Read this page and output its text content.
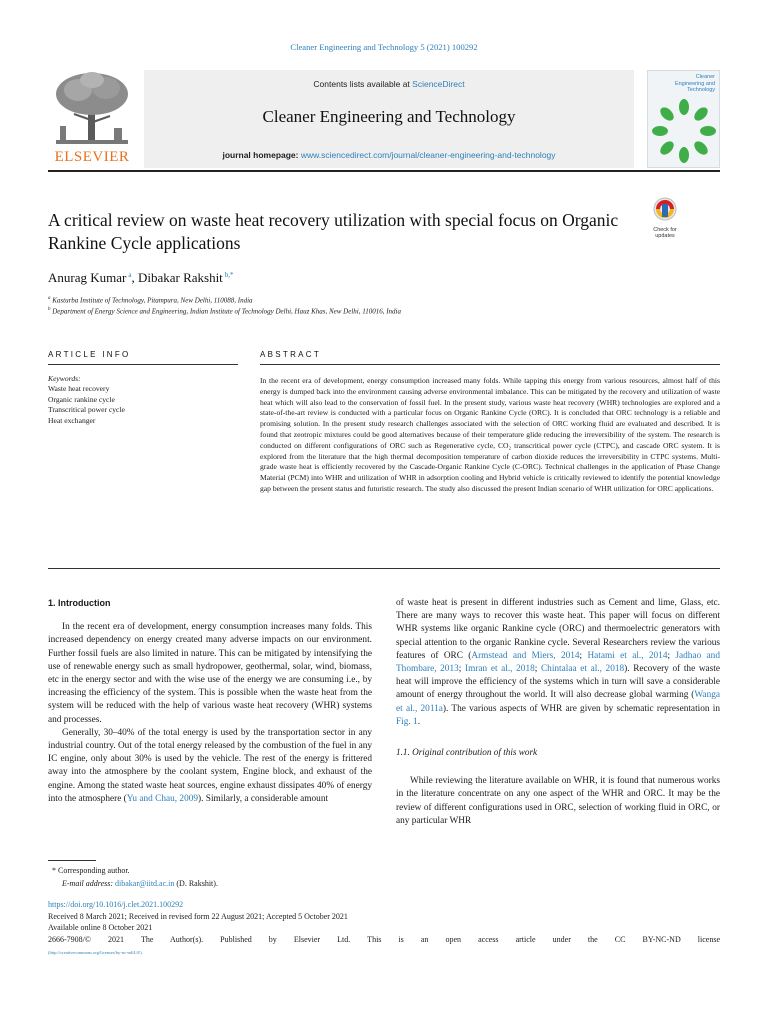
Cleaner Engineering and Technology 5 (2021) 100292
ELSEVIER
Contents lists available at ScienceDirect
Cleaner Engineering and Technology
journal homepage: www.sciencedirect.com/journal/cleaner-engineering-and-technology
Cleaner Engineering and Technology
A critical review on waste heat recovery utilization with special focus on Organic Rankine Cycle applications
Check for updates
Anurag Kumar $^a$, Dibakar Rakshit $^{b,*}$
$^a$ Kasturba Institute of Technology, Pitampura, New Delhi, 110088, India
$^b$ Department of Energy Science and Engineering, Indian Institute of Technology Delhi, Hauz Khas, New Delhi, 110016, India
ARTICLE INFO	ABSTRACT
Keywords:
Waste heat recovery
Organic rankine cycle
Transcritical power cycle
Heat exchanger
In the recent era of development, energy consumption increased many folds. While tapping this energy from various resources, almost half of this energy is dumped back into the environment causing adverse environmental imbalance. This can be mitigated by the recovery and utilization of waste heat which will also lead to the conservation of fossil fuel. In the present study, various waste heat recovery (WHR) technologies are explored and a state-of-the-art review is conducted with a particular focus on Organic Rankine Cycle (ORC). It is concluded that ORC technology is a reliable and promising solution. In the present study research challenges associated with the selection of ORC working fluid are evaluated and described. It is found that zeotropic mixtures could be good alternatives because of their temperature glide reducing the irreversibility of the system. The research is conducted on different configurations of ORC such as Regenerative cycle, CO₂ transcritical power cycle (CTPC), and cascade ORC system. It is explored from the literature that the high thermal decomposition temperature of carbon dioxide reduces the irreversibility in CTPC systems. Multi-grade waste heat is efficiently recovered by the Cascade-Organic Rankine Cycle (C-ORC). Technical challenges in the application of Phase Change Material (PCM) into WHR and utilization of WHR in adsorption cooling and Hybrid vehicle is critically reviewed to identify the potential knowledge gap between the present status and futuristic research. The study also discussed the present Indian scenario of WHR utilization for ORC applications.
1. Introduction

In the recent era of development, energy consumption increases many folds. This increased dependency on energy created many adverse impacts on our environment. Further fossil fuels are also limited in nature. This can be mitigated by intensifying the use of renewable energy such as small hydropower, geothermal, solar, wind, biomass, etc in the energy sector and with the wise use of the energy we are consuming i.e., by increasing the efficiency of the system. This is possible when the waste heat from the system will be reduced with the help of various waste heat recovery (WHR) systems and processes.

Generally, 30–40% of the total energy is used by the transportation sector in any industrial country. Out of the total energy released by the combustion of the fuel in any IC engine, only about 30% is used by the vehicle. The rest of the energy is frittered away into the atmosphere by the coolant system, Engine block, and exhaust of the engine. Among the stated waste heat sources, engine exhaust dissipates 40% of energy into the atmosphere (Yu and Chau, 2009). Similarly, a considerable amount

of waste heat is present in different industries such as Cement and lime, Glass, etc. There are many ways to recover this waste heat. This paper will focus on different WHR systems like organic Rankine cycle (ORC) and thermoelectric generators with special attention to the organic Rankine cycle. Several Researchers review the various features of ORC (Armstead and Miers, 2014; Hatami et al., 2014; Jadhao and Thombare, 2013; Imran et al., 2018; Chintalaa et al., 2018). Recovery of the waste heat will improve the efficiency of the systems which in turn will save a considerable amount of energy throughout the world. It will also decrease global warming (Wanga et al., 2011a). The various aspects of WHR are given by schematic representation in Fig. 1.

1.1. Original contribution of this work

While reviewing the literature available on WHR, it is found that numerous works in the literature concentrate on any one aspect of the WHR and ORC. It may be the review of different configurations used in ORC, selection of working fluid in ORC, or any particular WHR

* Corresponding author.
E-mail address: dibakar@iitd.ac.in (D. Rakshit).
https://doi.org/10.1016/j.clet.2021.100292
Received 8 March 2021; Received in revised form 22 August 2021; Accepted 5 October 2021
Available online 8 October 2021
2666-7908/© 2021 The Author(s). Published by Elsevier Ltd. This is an open access article under the CC BY-NC-ND license
(http://creativecommons.org/licenses/by-nc-nd/4.0/).
